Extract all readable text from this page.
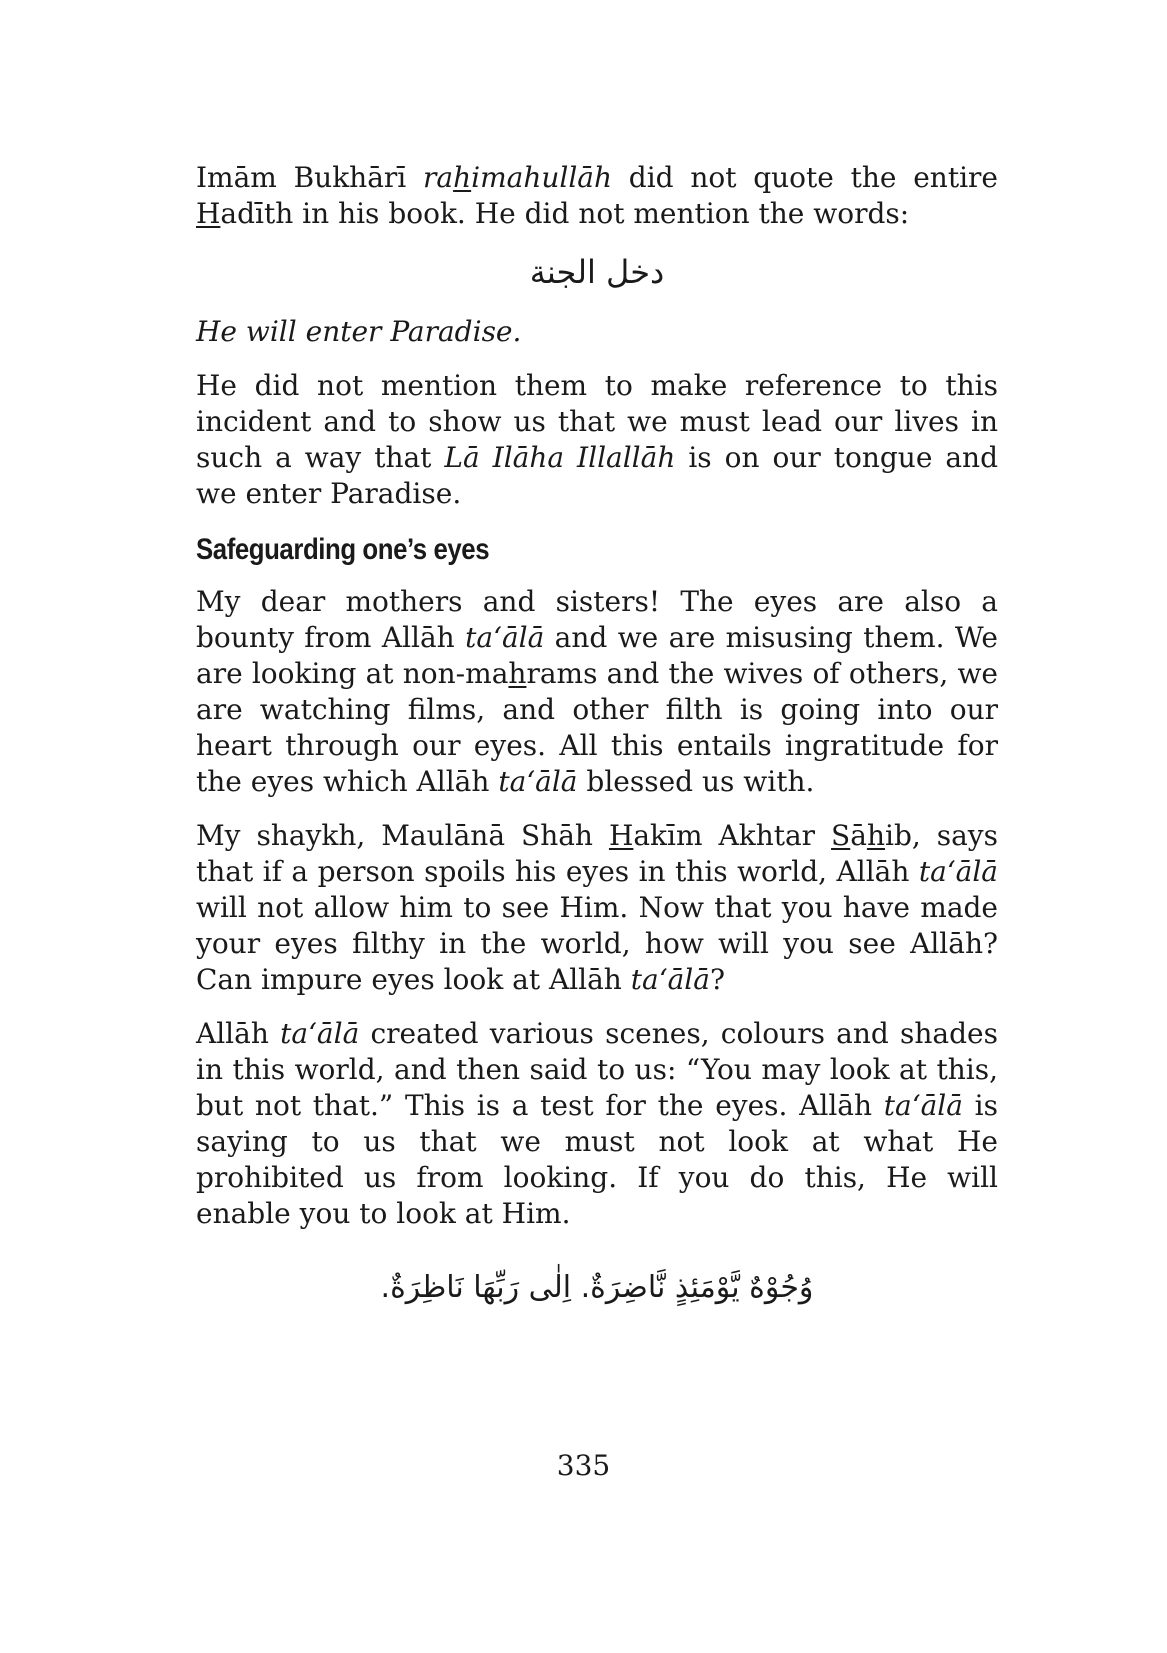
Imām Bukhārī rahimahullāh did not quote the entire Hadīth in his book. He did not mention the words:

دخل الجنة

He will enter Paradise.

He did not mention them to make reference to this incident and to show us that we must lead our lives in such a way that Lā Ilāha Illallāh is on our tongue and we enter Paradise.

Safeguarding one’s eyes

My dear mothers and sisters! The eyes are also a bounty from Allāh ta‘ālā and we are misusing them. We are looking at non-mahrams and the wives of others, we are watching films, and other filth is going into our heart through our eyes. All this entails ingratitude for the eyes which Allāh ta‘ālā blessed us with.

My shaykh, Maulānā Shāh Hakīm Akhtar Sāhib, says that if a person spoils his eyes in this world, Allāh ta‘ālā will not allow him to see Him. Now that you have made your eyes filthy in the world, how will you see Allāh? Can impure eyes look at Allāh ta‘ālā?

Allāh ta‘ālā created various scenes, colours and shades in this world, and then said to us: “You may look at this, but not that.” This is a test for the eyes. Allāh ta‘ālā is saying to us that we must not look at what He prohibited us from looking. If you do this, He will enable you to look at Him.

وُجُوْهٌ يَّوْمَئِذٍ نَّاضِرَةٌ. اِلٰى رَبِّهَا نَاظِرَةٌ.
335
